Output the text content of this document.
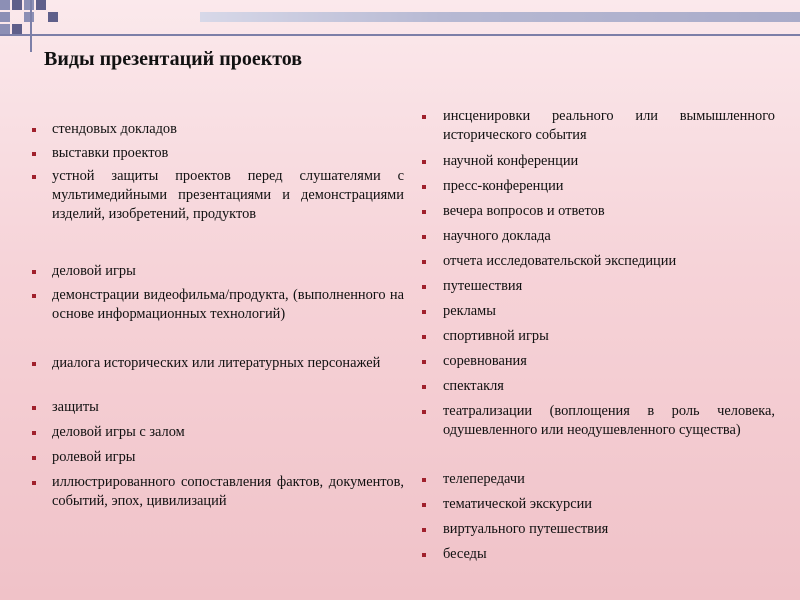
Виды презентаций проектов
стендовых докладов
выставки проектов
устной защиты проектов перед слушателями с мультимедийными презентациями и демонстрациями изделий, изобретений, продуктов
деловой игры
демонстрации видеофильма/продукта, (выполненного на основе информационных технологий)
диалога исторических или литературных персонажей
защиты
деловой игры с залом
ролевой игры
иллюстрированного сопоставления фактов, документов, событий, эпох, цивилизаций
инсценировки реального или вымышленного исторического события
научной конференции
пресс-конференции
вечера вопросов и ответов
научного доклада
отчета исследовательской экспедиции
путешествия
рекламы
спортивной игры
соревнования
спектакля
театрализации (воплощения в роль человека, одушевленного или неодушевленного существа)
телепередачи
тематической экскурсии
виртуального путешествия
беседы
